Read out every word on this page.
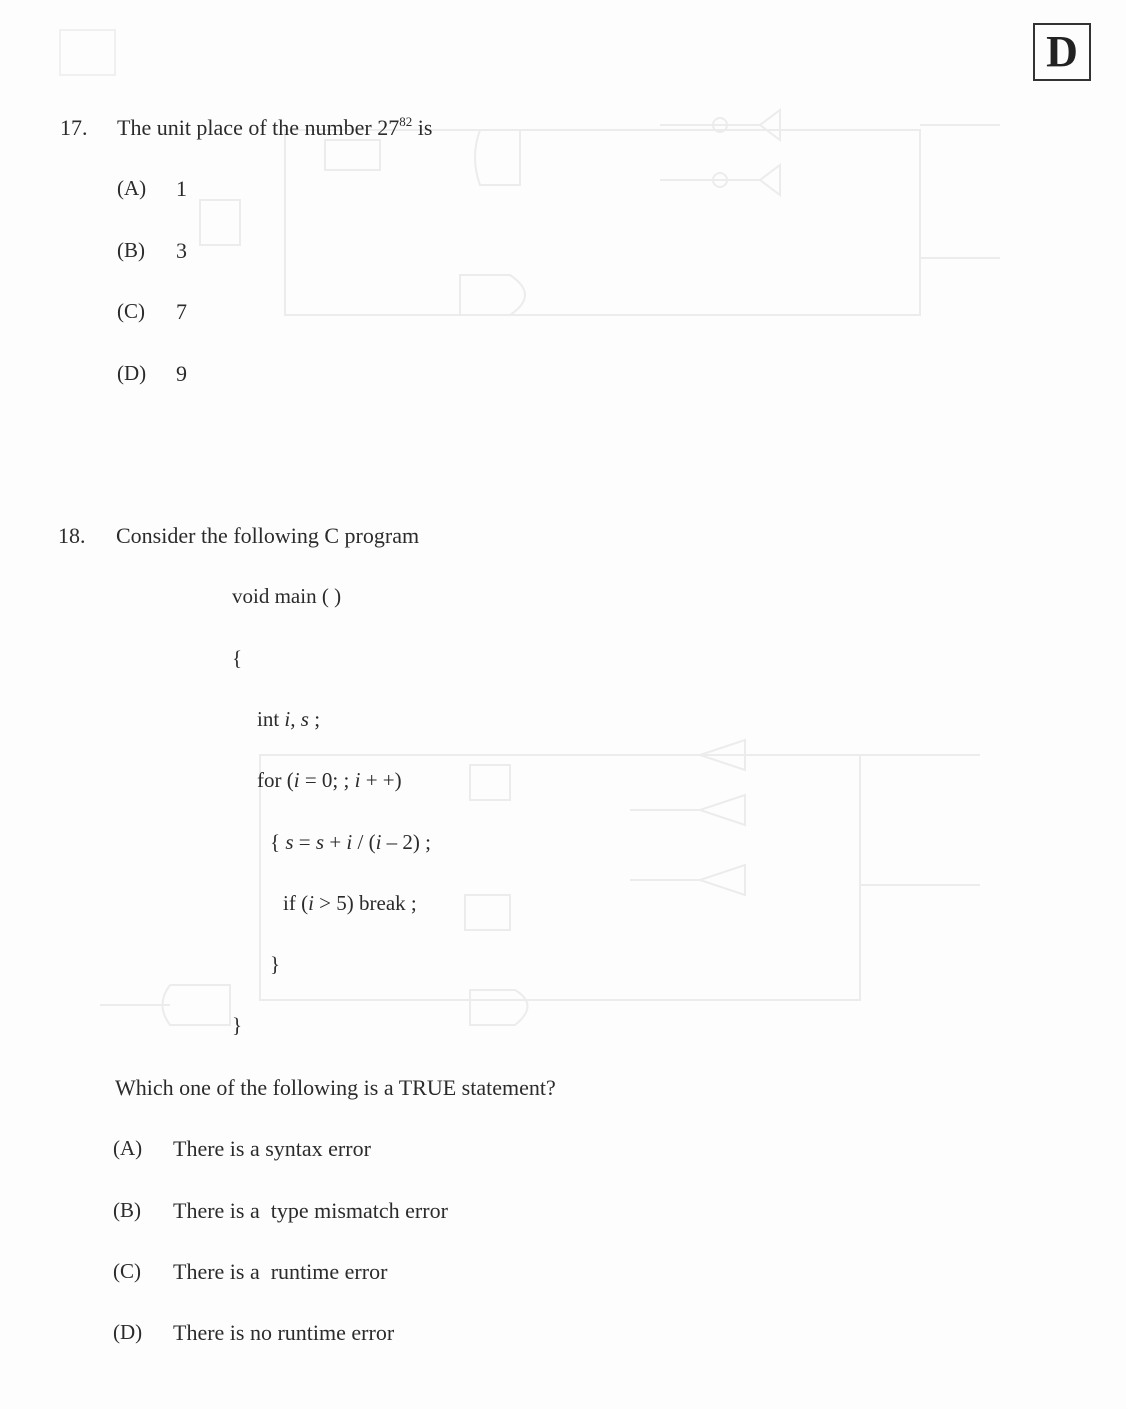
D
17. The unit place of the number $27^{82}$ is
(A) 1
(B) 3
(C) 7
(D) 9
18. Consider the following C program
void main ( )
{
int i, s ;
for (i = 0; ; i + +)
{ s = s + i / (i – 2) ;
if (i > 5) break ;
}
}
Which one of the following is a TRUE statement?
(A) There is a syntax error
(B) There is a  type mismatch error
(C) There is a  runtime error
(D) There is no runtime error
